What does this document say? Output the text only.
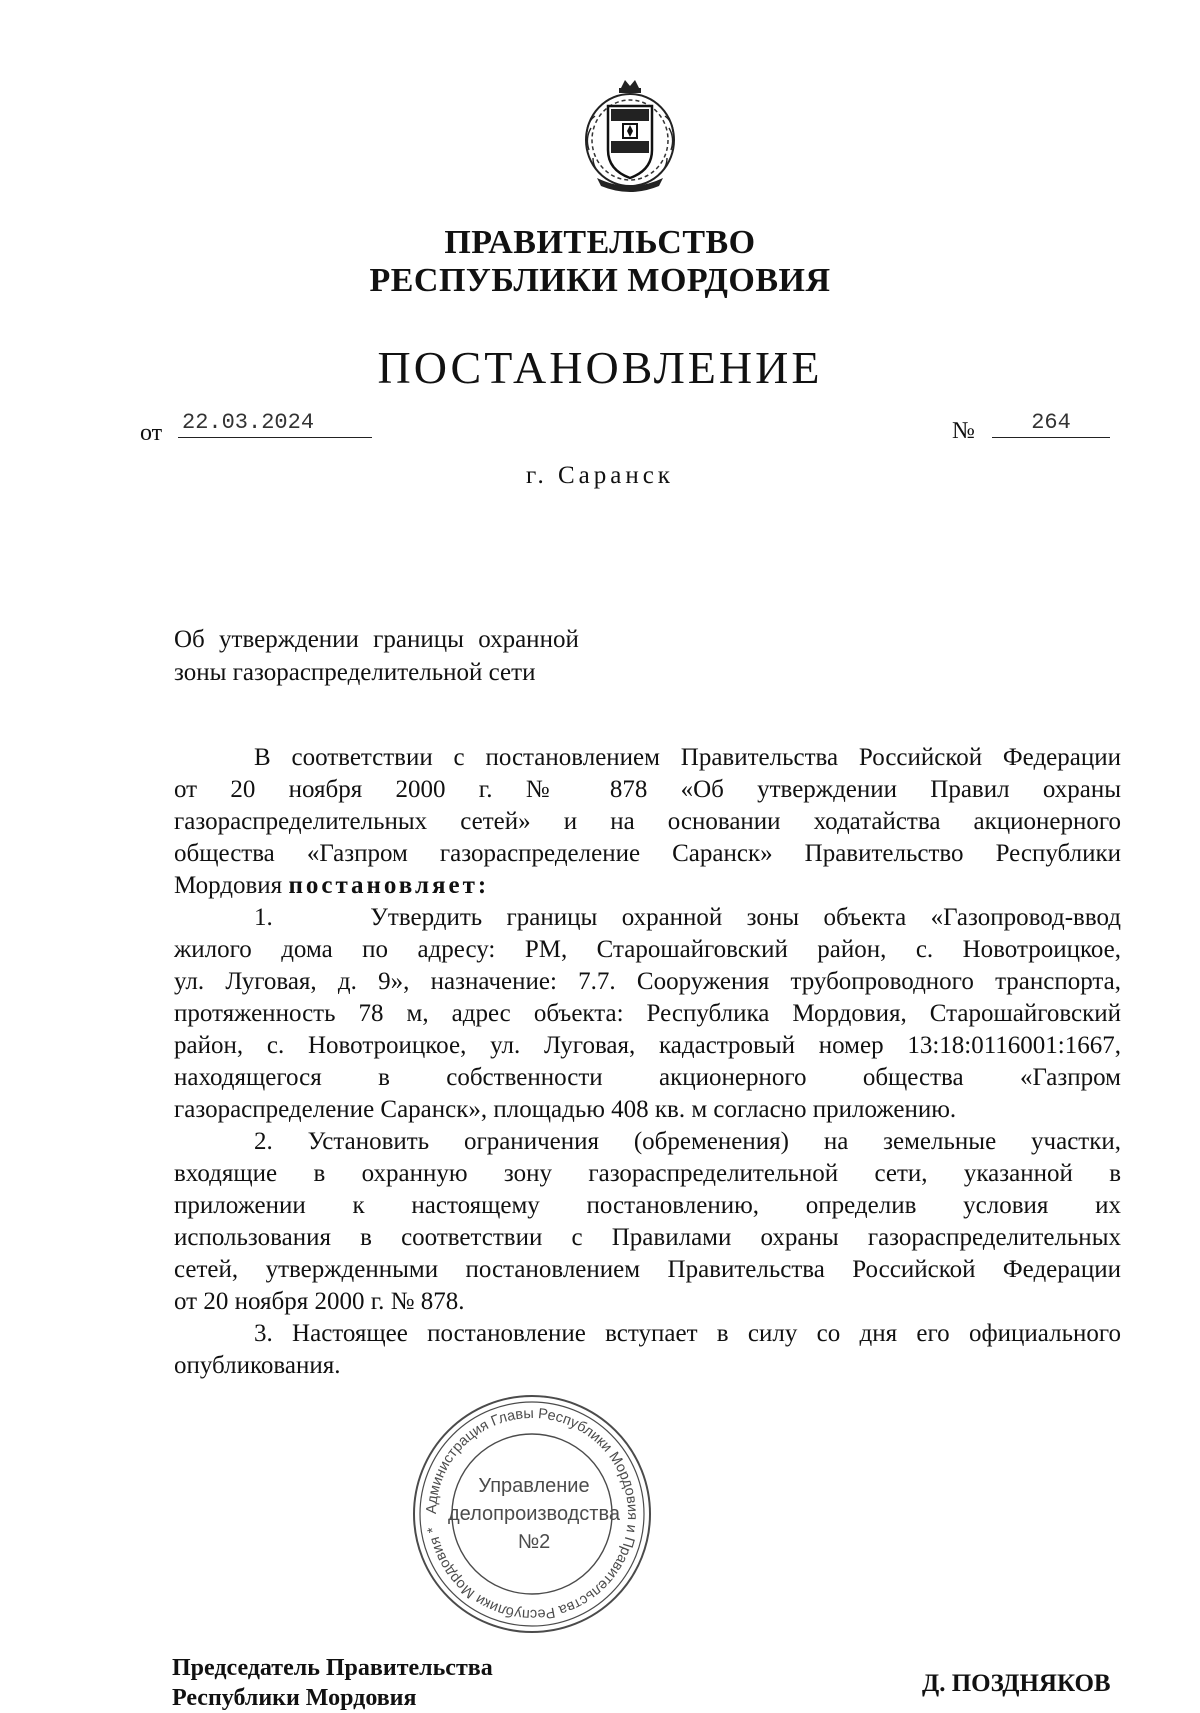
ПРАВИТЕЛЬСТВО
РЕСПУБЛИКИ МОРДОВИЯ
ПОСТАНОВЛЕНИЕ
от 22.03.2024	№	264
г. Саранск
Об утверждении границы охранной
зоны газораспределительной сети

В соответствии с постановлением Правительства Российской Федерации

от 20 ноября 2000 г. № 878 «Об утверждении Правил охраны

газораспределительных сетей» и на основании ходатайства акционерного

общества «Газпром газораспределение Саранск» Правительство Республики

Мордовия постановляет:

1.    Утвердить границы охранной зоны объекта «Газопровод-ввод

жилого дома по адресу: РМ, Старошайговский район, с. Новотроицкое,

ул. Луговая, д. 9», назначение: 7.7. Сооружения трубопроводного транспорта,

протяженность 78 м, адрес объекта: Республика Мордовия, Старошайговский

район, с. Новотроицкое, ул. Луговая, кадастровый номер 13:18:0116001:1667,

находящегося в собственности акционерного общества «Газпром

газораспределение Саранск», площадью 408 кв. м согласно приложению.

2. Установить ограничения (обременения) на земельные участки,

входящие в охранную зону газораспределительной сети, указанной в

приложении к настоящему постановлению, определив условия их

использования в соответствии с Правилами охраны газораспределительных

сетей, утвержденными постановлением Правительства Российской Федерации

от 20 ноября 2000 г. № 878.

3. Настоящее постановление вступает в силу со дня его официального

опубликования.

Администрация Главы Республики Мордовия и Правительства Республики Мордовия *
Управление
делопроизводства
№2
Председатель Правительства
Республики Мордовия
Д. ПОЗДНЯКОВ
